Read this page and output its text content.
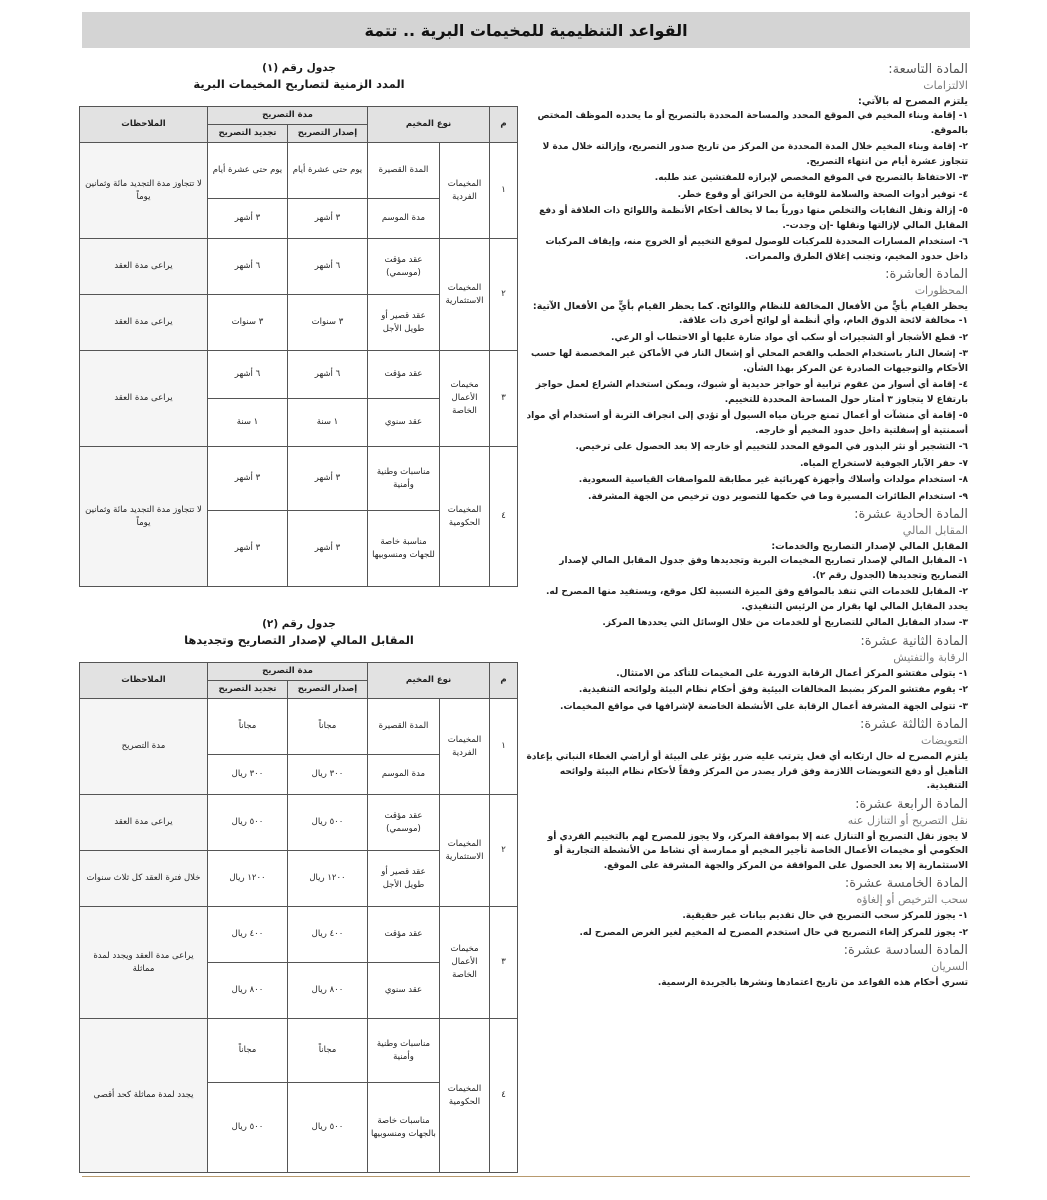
القواعد التنظيمية للمخيمات البرية .. تتمة
المادة التاسعة:
الالتزامات
يلتزم المصرح له بالآتي:
١- إقامة وبناء المخيم في الموقع المحدد والمساحة المحددة بالتصريح أو ما يحدده الموظف المختص بالموقع.
٢- إقامة وبناء المخيم خلال المدة المحددة من المركز من تاريخ صدور التصريح، وإزالته خلال مدة لا تتجاوز عشرة أيام من انتهاء التصريح.
٣- الاحتفاظ بالتصريح في الموقع المخصص لإبرازه للمفتشين عند طلبه.
٤- توفير أدوات الصحة والسلامة للوقاية من الحرائق أو وقوع خطر.
٥- إزالة ونقل النفايات والتخلص منها دورياً بما لا يخالف أحكام الأنظمة واللوائح ذات العلاقة أو دفع المقابل المالي لإزالتها ونقلها -إن وجدت-.
٦- استخدام المسارات المحددة للمركبات للوصول لموقع التخييم أو الخروج منه، وإيقاف المركبات داخل حدود المخيم، وتجنب إغلاق الطرق والممرات.
المادة العاشرة:
المحظورات
يحظر القيام بأيٍّ من الأفعال المخالفة للنظام واللوائح. كما يحظر القيام بأيٍّ من الأفعال الآتية:
١- مخالفة لائحة الذوق العام، وأي أنظمة أو لوائح أخرى ذات علاقة.
٢- قطع الأشجار أو الشجيرات أو سكب أي مواد ضارة عليها أو الاحتطاب أو الرعي.
٣- إشعال النار باستخدام الحطب والفحم المحلي أو إشعال النار في الأماكن غير المخصصة لها حسب الأحكام والتوجيهات الصادرة عن المركز بهذا الشأن.
٤- إقامة أي أسوار من عقوم ترابية أو حواجز حديدية أو شبوك، ويمكن استخدام الشراع لعمل حواجز بارتفاع لا يتجاوز ٣ أمتار حول المساحة المحددة للتخييم.
٥- إقامة أي منشآت أو أعمال تمنع جريان مياه السيول أو تؤدي إلى انجراف التربة أو استخدام أي مواد أسمنتية أو إسفلتية داخل حدود المخيم أو خارجه.
٦- التشجير أو نثر البذور في الموقع المحدد للتخييم أو خارجه إلا بعد الحصول على ترخيص.
٧- حفر الآبار الجوفية لاستخراج المياه.
٨- استخدام مولدات وأسلاك وأجهزة كهربائية غير مطابقة للمواصفات القياسية السعودية.
٩- استخدام الطائرات المسيرة وما في حكمها للتصوير دون ترخيص من الجهة المشرفة.
المادة الحادية عشرة:
المقابل المالي
المقابل المالي لإصدار التصاريح والخدمات:
١- المقابل المالي لإصدار تصاريح المخيمات البرية وتجديدها وفق جدول المقابل المالي لإصدار التصاريح وتجديدها (الجدول رقم ٢).
٢- المقابل للخدمات التي تنفذ بالمواقع وفق الميزة النسبية لكل موقع، ويستفيد منها المصرح له. يحدد المقابل المالي لها بقرار من الرئيس التنفيذي.
٣- سداد المقابل المالي للتصاريح أو للخدمات من خلال الوسائل التي يحددها المركز.
المادة الثانية عشرة:
الرقابة والتفتيش
١- يتولى مفتشو المركز أعمال الرقابة الدورية على المخيمات للتأكد من الامتثال.
٢- يقوم مفتشو المركز بضبط المخالفات البيئية وفق أحكام نظام البيئة ولوائحه التنفيذية.
٣- تتولى الجهة المشرفة أعمال الرقابة على الأنشطة الخاضعة لإشرافها في مواقع المخيمات.
المادة الثالثة عشرة:
التعويضات
يلتزم المصرح له حال ارتكابه أي فعل يترتب عليه ضرر يؤثر على البيئة أو أراضي الغطاء النباتي بإعادة التأهيل أو دفع التعويضات اللازمة وفق قرار يصدر من المركز وفقاً لأحكام نظام البيئة ولوائحه التنفيذية.
المادة الرابعة عشرة:
نقل التصريح أو التنازل عنه
لا يجوز نقل التصريح أو التنازل عنه إلا بموافقة المركز، ولا يجوز للمصرح لهم بالتخييم الفردي أو الحكومي أو مخيمات الأعمال الخاصة تأجير المخيم أو ممارسة أي نشاط من الأنشطة التجارية أو الاستثمارية إلا بعد الحصول على الموافقة من المركز والجهة المشرفة على الموقع.
المادة الخامسة عشرة:
سحب الترخيص أو إلغاؤه
١- يجوز للمركز سحب التصريح في حال تقديم بيانات غير حقيقية.
٢- يجوز للمركز إلغاء التصريح في حال استخدم المصرح له المخيم لغير الغرض المصرح له.
المادة السادسة عشرة:
السريان
تسري أحكام هذه القواعد من تاريخ اعتمادها ونشرها بالجريدة الرسمية.
جدول رقم (١)
المدد الزمنية لتصاريح المخيمات البرية
م	نوع المخيم		مدة التصريح		الملاحظات
			إصدار التصريح	تجديد التصريح	
١	المخيمات الفردية	المدة القصيرة	يوم حتى عشرة أيام	يوم حتى عشرة أيام	لا تتجاوز مدة التجديد مائة وثمانين يوماً
		مدة الموسم	٣ أشهر	٣ أشهر	
٢	المخيمات الاستثمارية	عقد مؤقت (موسمي)	٦ أشهر	٦ أشهر	يراعى مدة العقد
		عقد قصير أو طويل الأجل	٣ سنوات	٣ سنوات	يراعى مدة العقد
٣	مخيمات الأعمال الخاصة	عقد مؤقت	٦ أشهر	٦ أشهر	يراعى مدة العقد
		عقد سنوي	١ سنة	١ سنة	
٤	المخيمات الحكومية	مناسبات وطنية وأمنية	٣ أشهر	٣ أشهر	لا تتجاوز مدة التجديد مائة وثمانين يوماً
		مناسبة خاصة للجهات ومنسوبيها	٣ أشهر	٣ أشهر	
جدول رقم (٢)
المقابل المالي لإصدار التصاريح وتجديدها
م	نوع المخيم		مدة التصريح		الملاحظات
			إصدار التصريح	تجديد التصريح	
١	المخيمات الفردية	المدة القصيرة	مجاناً	مجاناً	مدة التصريح
		مدة الموسم	٣٠٠ ريال	٣٠٠ ريال	
٢	المخيمات الاستثمارية	عقد مؤقت (موسمي)	٥٠٠ ريال	٥٠٠ ريال	يراعى مدة العقد
		عقد قصير أو طويل الأجل	١٢٠٠ ريال	١٢٠٠ ريال	خلال فترة العقد كل ثلاث سنوات
٣	مخيمات الأعمال الخاصة	عقد مؤقت	٤٠٠ ريال	٤٠٠ ريال	يراعى مدة العقد ويجدد لمدة مماثلة
		عقد سنوي	٨٠٠ ريال	٨٠٠ ريال	
٤	المخيمات الحكومية	مناسبات وطنية وأمنية	مجاناً	مجاناً	يجدد لمدة مماثلة كحد أقصى
		مناسبات خاصة بالجهات ومنسوبيها	٥٠٠ ريال	٥٠٠ ريال	
